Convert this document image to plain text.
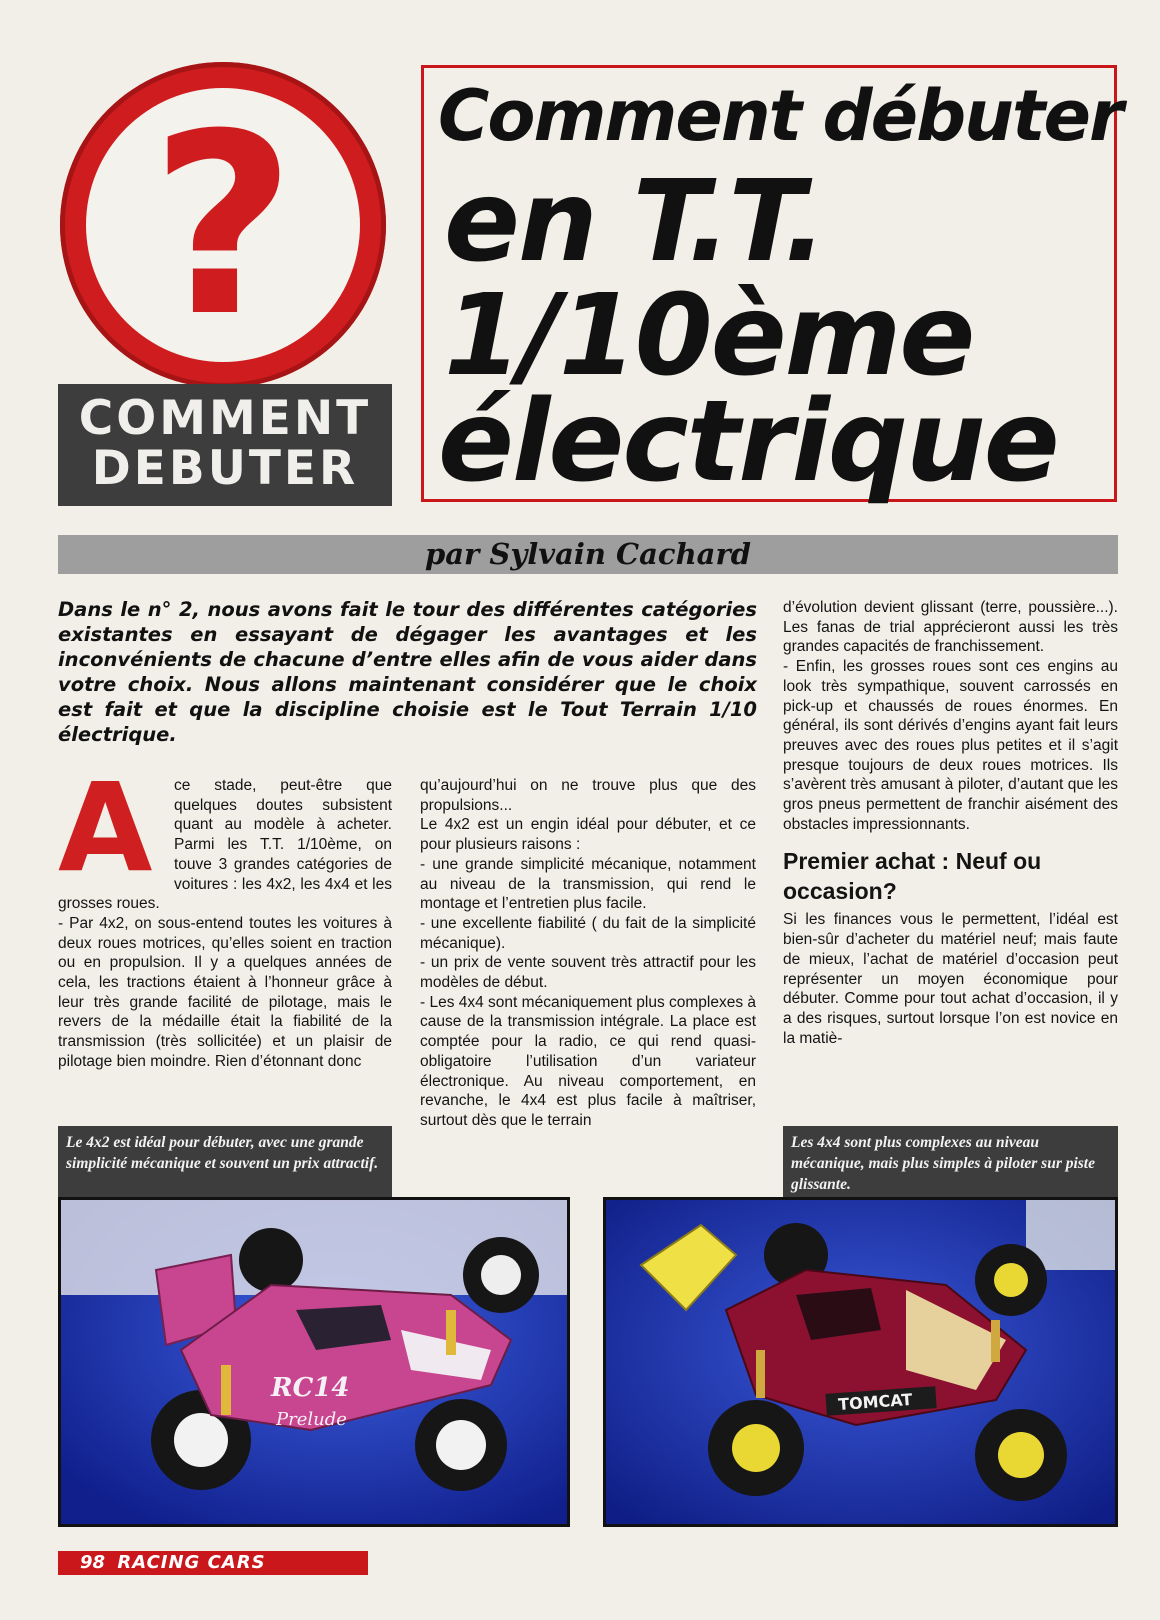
?
COMMENT
DEBUTER
Comment débuter
en T.T.
1/10ème
électrique
par Sylvain Cachard
Dans le n° 2, nous avons fait le tour des différentes catégories existantes en essayant de dégager les avantages et les inconvénients de chacune d’entre elles afin de vous aider dans votre choix. Nous allons maintenant considérer que le choix est fait et que la discipline choisie est le Tout Terrain 1/10 électrique.
A	ce stade, peut-être que quelques doutes subsistent quant au modèle à acheter. Parmi les T.T. 1/10ème, on touve 3 grandes catégories de voitures : les 4x2, les 4x4 et les grosses roues.

- Par 4x2, on sous-entend toutes les voitures à deux roues motrices, qu’elles soient en traction ou en propulsion. Il y a quelques années de cela, les tractions étaient à l’honneur grâce à leur très grande facilité de pilotage, mais le revers de la médaille était la fiabilité de la transmission (très sollicitée) et un plaisir de pilotage bien moindre. Rien d’étonnant donc

qu’aujourd’hui on ne trouve plus que des propulsions...

Le 4x2 est un engin idéal pour débuter, et ce pour plusieurs raisons :

- une grande simplicité mécanique, notamment au niveau de la transmission, qui rend le montage et l’entretien plus facile.

- une excellente fiabilité ( du fait de la simplicité mécanique).

- un prix de vente souvent très attractif pour les modèles de début.

- Les 4x4 sont mécaniquement plus complexes à cause de la transmission intégrale. La place est comptée pour la radio, ce qui rend quasi-obligatoire l’utilisation d’un variateur électronique. Au niveau comportement, en revanche, le 4x4 est plus facile à maîtriser, surtout dès que le terrain

d’évolution devient glissant (terre, poussière...). Les fanas de trial apprécieront aussi les très grandes capacités de franchissement.

- Enfin, les grosses roues sont ces engins au look très sympathique, souvent carrossés en pick-up et chaussés de roues énormes. En général, ils sont dérivés d’engins ayant fait leurs preuves avec des roues plus petites et il s’agit presque toujours de deux roues motrices. Ils s’avèrent très amusant à piloter, d’autant que les gros pneus permettent de franchir aisément des obstacles impressionnants.

Premier achat : Neuf ou occasion?

Si les finances vous le permettent, l’idéal est bien-sûr d’acheter du matériel neuf; mais faute de mieux, l’achat de matériel d’occasion peut représenter un moyen économique pour débuter. Comme pour tout achat d’occasion, il y a des risques, surtout lorsque l’on est novice en la matiè-

Le 4x2 est idéal pour débuter, avec une grande simplicité mécanique et souvent un prix attractif.
Les 4x4 sont plus complexes au niveau mécanique, mais plus simples à piloter sur piste glissante.
RC14
Prelude
TOMCAT
98 RACING CARS
